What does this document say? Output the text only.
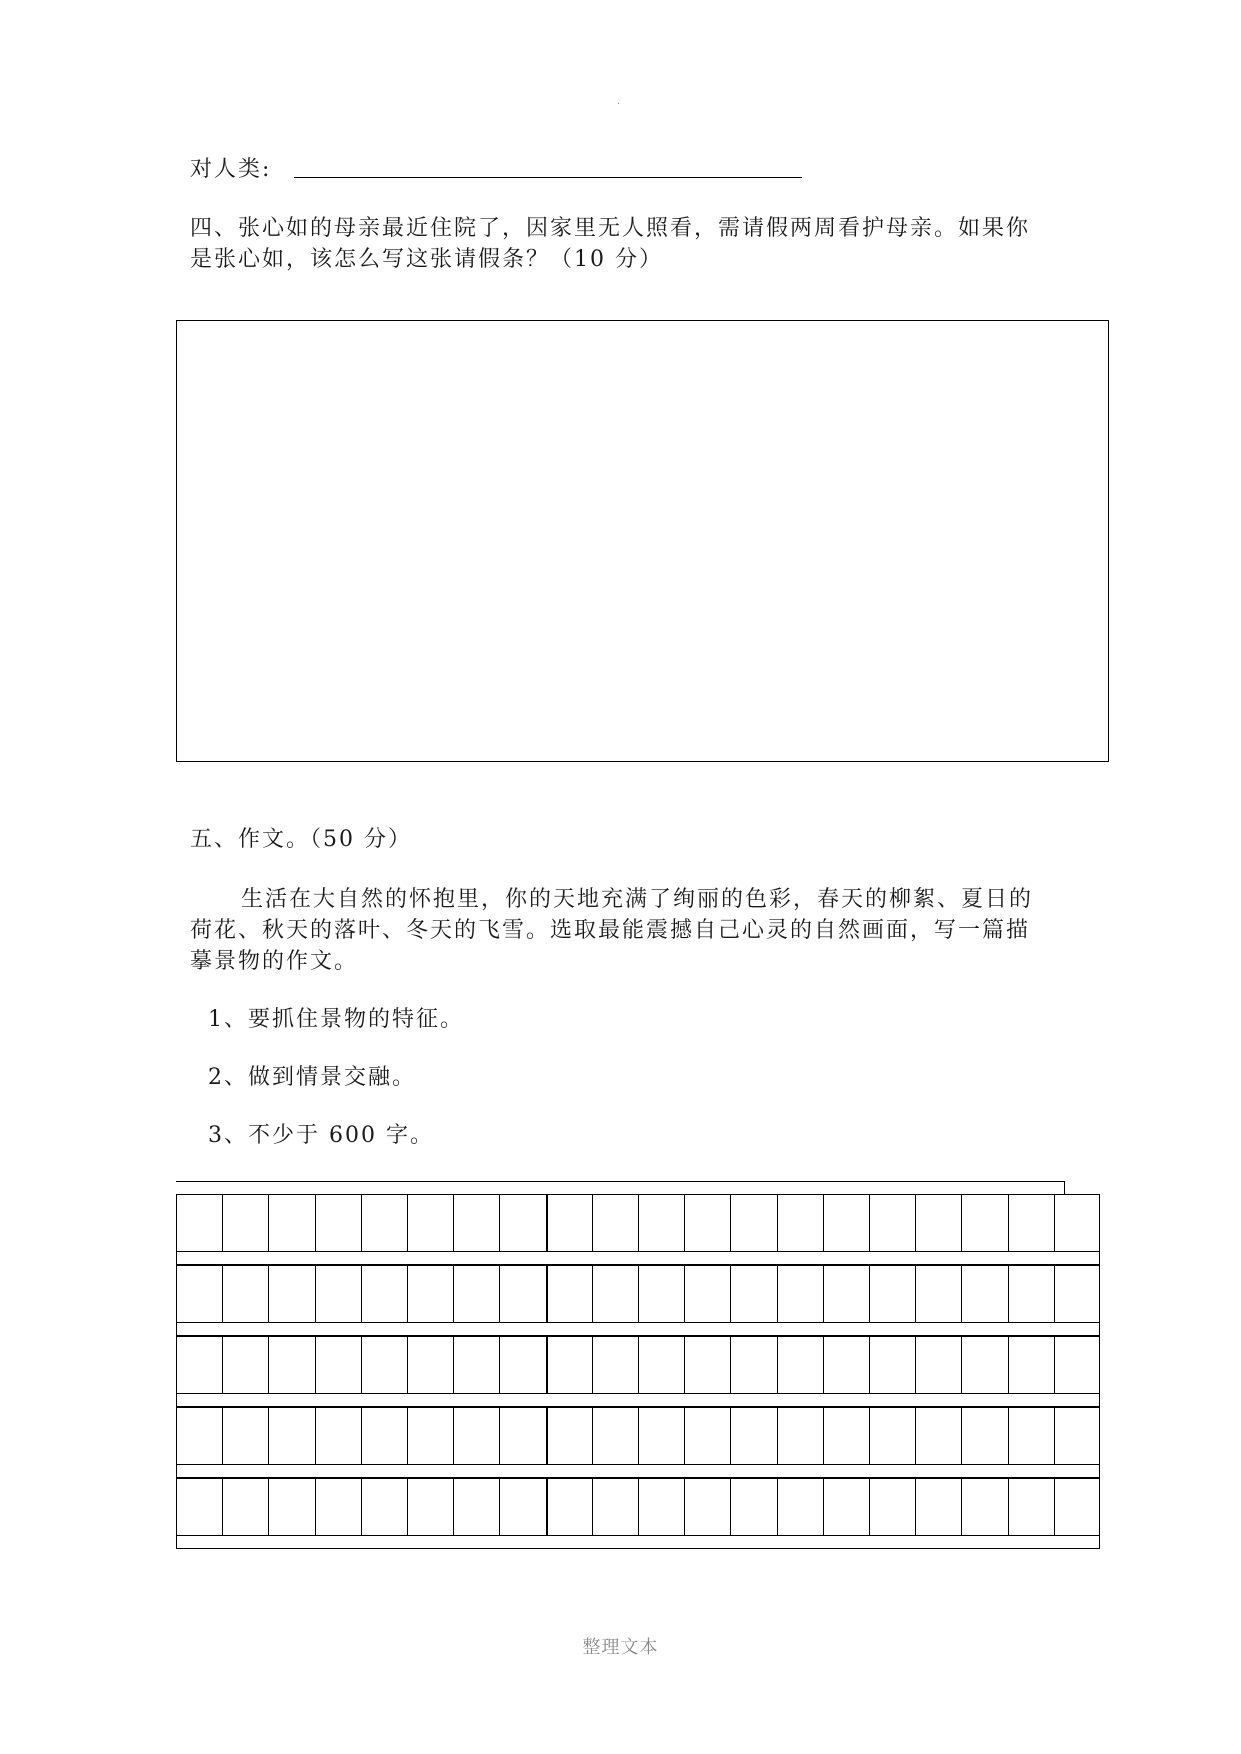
.
对人类:
四、张心如的母亲最近住院了，因家里无人照看，需请假两周看护母亲。如果你
是张心如，该怎么写这张请假条？（10 分）
五、作文。（50 分）
生活在大自然的怀抱里，你的天地充满了绚丽的色彩，春天的柳絮、夏日的
荷花、秋天的落叶、冬天的飞雪。选取最能震撼自己心灵的自然画面，写一篇描
摹景物的作文。
1、要抓住景物的特征。
2、做到情景交融。
3、不少于 600 字。
整理文本
